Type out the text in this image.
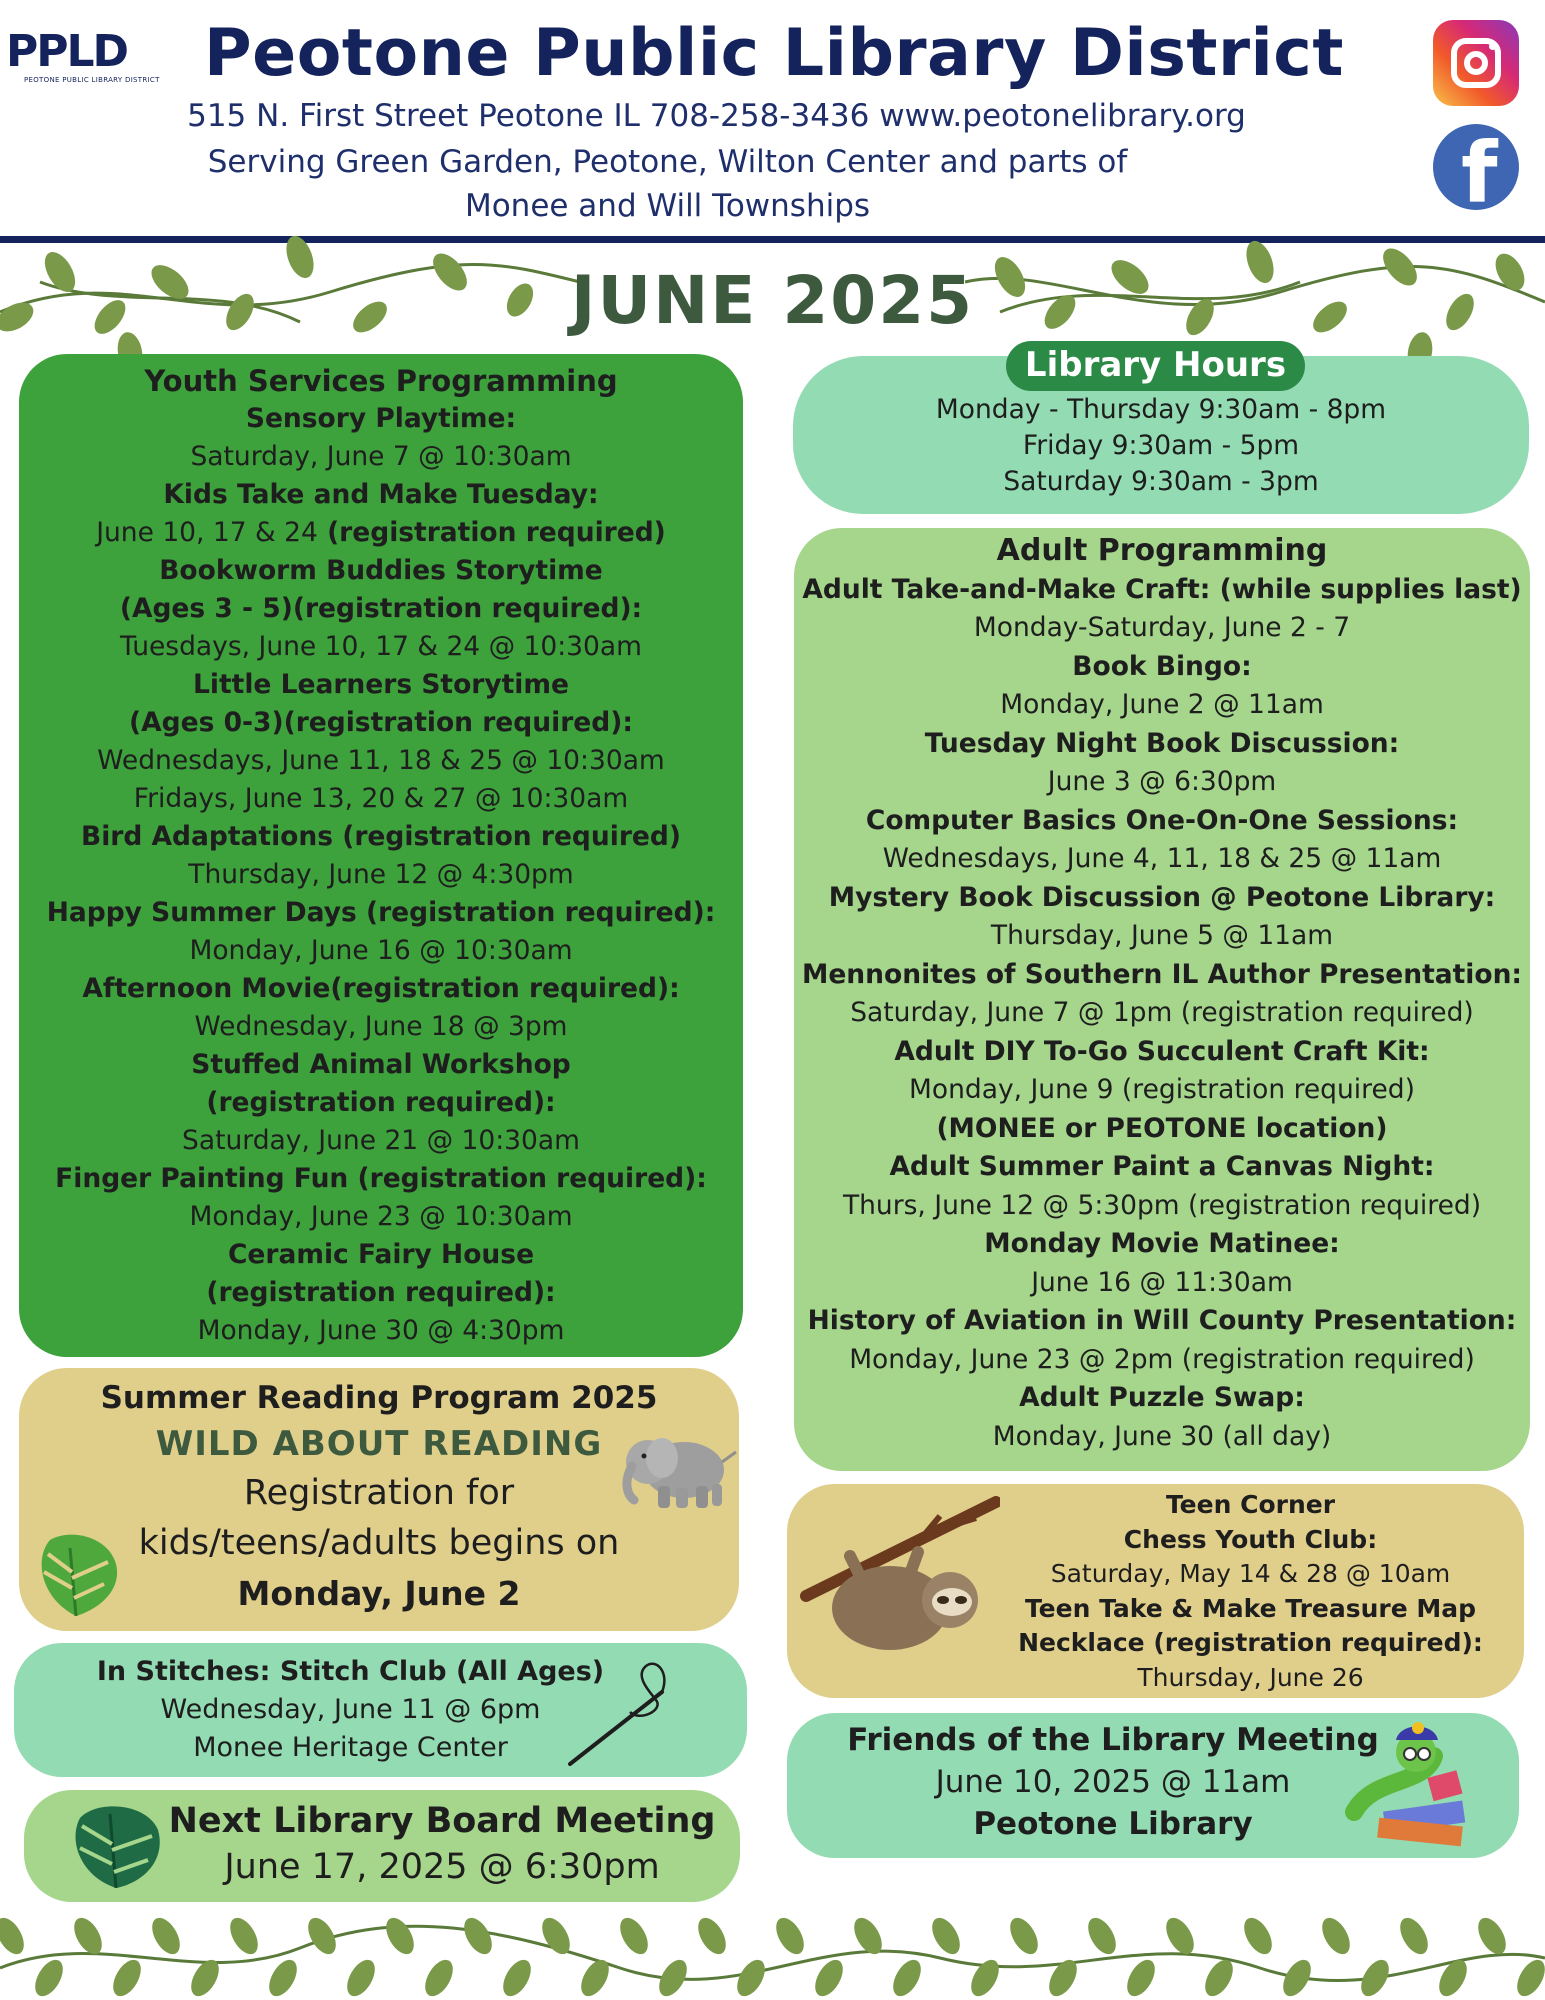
PPLD
PEOTONE PUBLIC LIBRARY DISTRICT Peotone Public Library District
515 N. First Street Peotone IL 708-258-3436 www.peotonelibrary.org
Serving Green Garden, Peotone, Wilton Center and parts of
Monee and Will Townships	f
JUNE 2025
Youth Services Programming
Sensory Playtime:
Saturday, June 7 @ 10:30am
Kids Take and Make Tuesday:
June 10, 17 & 24 (registration required)
Bookworm Buddies Storytime
(Ages 3 - 5)(registration required):
Tuesdays, June 10, 17 & 24 @ 10:30am
Little Learners Storytime
(Ages 0-3)(registration required):
Wednesdays, June 11, 18 & 25 @ 10:30am
Fridays, June 13, 20 & 27 @ 10:30am
Bird Adaptations (registration required)
Thursday, June 12 @ 4:30pm
Happy Summer Days (registration required):
Monday, June 16 @ 10:30am
Afternoon Movie(registration required):
Wednesday, June 18 @ 3pm
Stuffed Animal Workshop
(registration required):
Saturday, June 21 @ 10:30am
Finger Painting Fun (registration required):
Monday, June 23 @ 10:30am
Ceramic Fairy House
(registration required):
Monday, June 30 @ 4:30pm
Monday - Thursday 9:30am - 8pm
Friday 9:30am - 5pm
Saturday 9:30am - 3pm
Library Hours
Adult Programming
Adult Take-and-Make Craft: (while supplies last)
Monday-Saturday, June 2 - 7
Book Bingo:
Monday, June 2 @ 11am
Tuesday Night Book Discussion:
June 3 @ 6:30pm
Computer Basics One-On-One Sessions:
Wednesdays, June 4, 11, 18 & 25 @ 11am
Mystery Book Discussion @ Peotone Library:
Thursday, June 5 @ 11am
Mennonites of Southern IL Author Presentation:
Saturday, June 7 @ 1pm (registration required)
Adult DIY To-Go Succulent Craft Kit:
Monday, June 9 (registration required)
(MONEE or PEOTONE location)
Adult Summer Paint a Canvas Night:
Thurs, June 12 @ 5:30pm (registration required)
Monday Movie Matinee:
June 16 @ 11:30am
History of Aviation in Will County Presentation:
Monday, June 23 @ 2pm (registration required)
Adult Puzzle Swap:
Monday, June 30 (all day)
Summer Reading Program 2025
WILD ABOUT READING
Registration for
kids/teens/adults begins on
Monday, June 2
In Stitches: Stitch Club (All Ages)
Wednesday, June 11 @ 6pm
Monee Heritage Center
Next Library Board Meeting
June 17, 2025 @ 6:30pm
Teen Corner
Chess Youth Club:
Saturday, May 14 & 28 @ 10am
Teen Take & Make Treasure Map
Necklace (registration required):
Thursday, June 26
Friends of the Library Meeting
June 10, 2025 @ 11am
Peotone Library
